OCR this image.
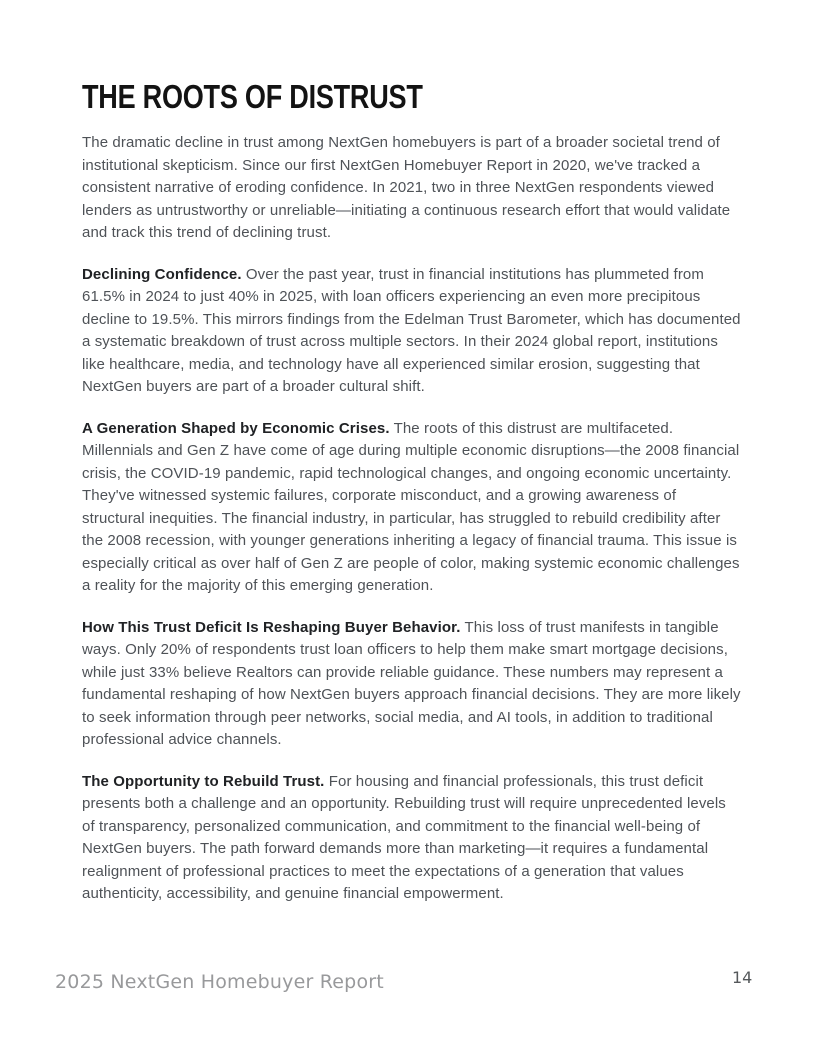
THE ROOTS OF DISTRUST

The dramatic decline in trust among NextGen homebuyers is part of a broader societal trend of institutional skepticism. Since our first NextGen Homebuyer Report in 2020, we've tracked a consistent narrative of eroding confidence. In 2021, two in three NextGen respondents viewed lenders as untrustworthy or unreliable—initiating a continuous research effort that would validate and track this trend of declining trust.

Declining Confidence. Over the past year, trust in financial institutions has plummeted from 61.5% in 2024 to just 40% in 2025, with loan officers experiencing an even more precipitous decline to 19.5%. This mirrors findings from the Edelman Trust Barometer, which has documented a systematic breakdown of trust across multiple sectors. In their 2024 global report, institutions like healthcare, media, and technology have all experienced similar erosion, suggesting that NextGen buyers are part of a broader cultural shift.

A Generation Shaped by Economic Crises. The roots of this distrust are multifaceted. Millennials and Gen Z have come of age during multiple economic disruptions—the 2008 financial crisis, the COVID-19 pandemic, rapid technological changes, and ongoing economic uncertainty. They've witnessed systemic failures, corporate misconduct, and a growing awareness of structural inequities. The financial industry, in particular, has struggled to rebuild credibility after the 2008 recession, with younger generations inheriting a legacy of financial trauma. This issue is especially critical as over half of Gen Z are people of color, making systemic economic challenges a reality for the majority of this emerging generation.

How This Trust Deficit Is Reshaping Buyer Behavior. This loss of trust manifests in tangible ways. Only 20% of respondents trust loan officers to help them make smart mortgage decisions, while just 33% believe Realtors can provide reliable guidance. These numbers may represent a fundamental reshaping of how NextGen buyers approach financial decisions. They are more likely to seek information through peer networks, social media, and AI tools, in addition to traditional professional advice channels.

The Opportunity to Rebuild Trust. For housing and financial professionals, this trust deficit presents both a challenge and an opportunity. Rebuilding trust will require unprecedented levels of transparency, personalized communication, and commitment to the financial well-being of NextGen buyers. The path forward demands more than marketing—it requires a fundamental realignment of professional practices to meet the expectations of a generation that values authenticity, accessibility, and genuine financial empowerment.

2025 NextGen Homebuyer Report	14
